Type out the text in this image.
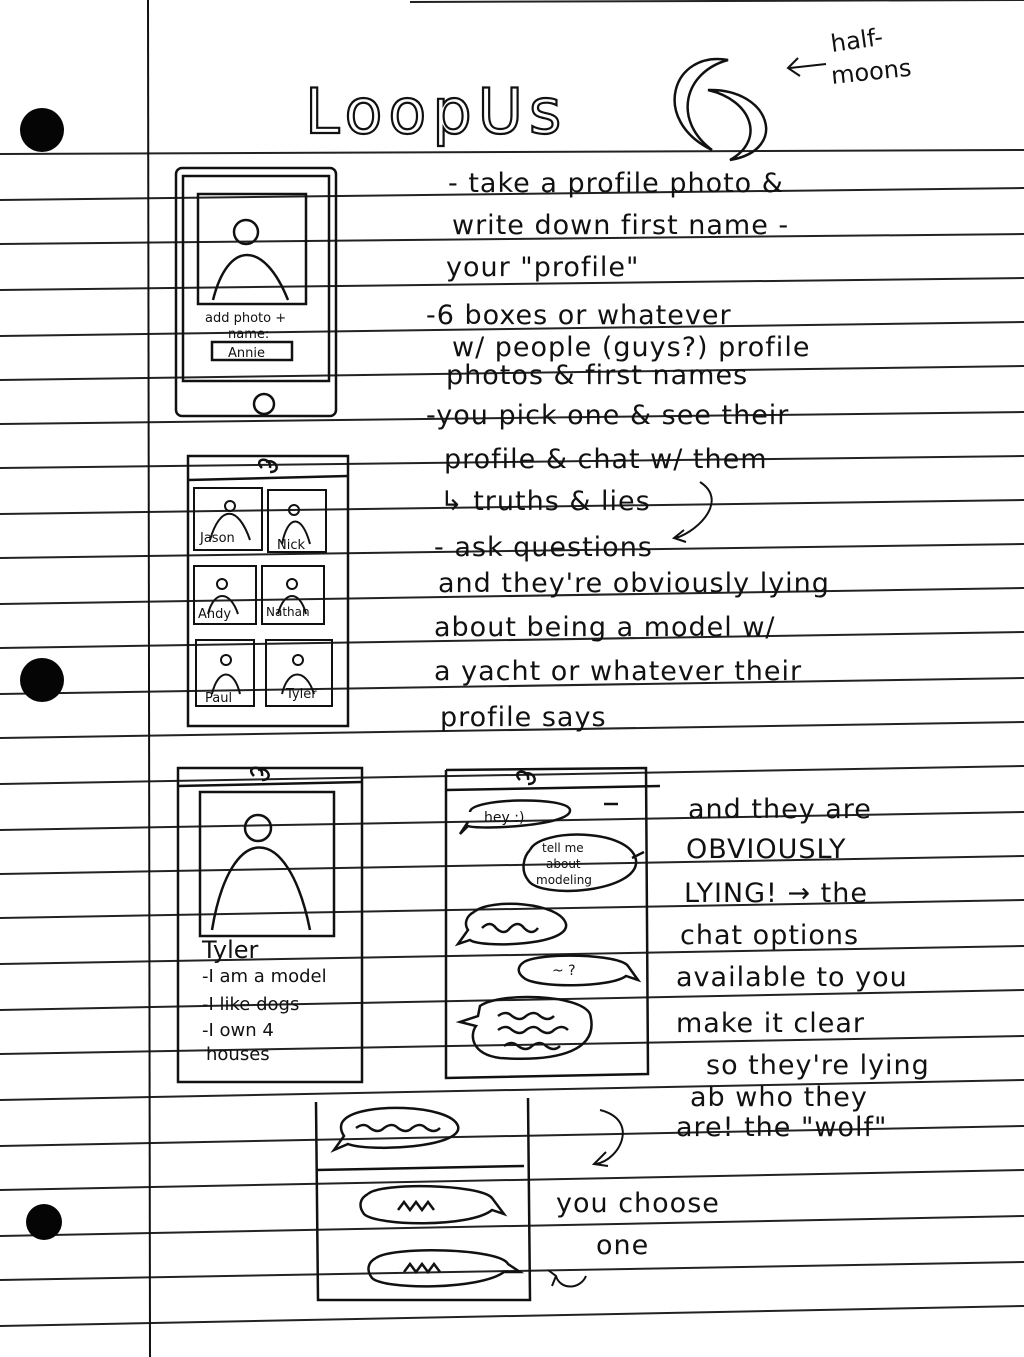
LoopUs
half-
moons
add photo +
name:
Annie
Jason	Nick
Andy	Nathan
Paul	Tyler
Tyler
-I am a model
-I like dogs
-I own 4
houses
hey :)
tell me
about
modeling
~ ?
- take a profile photo &
write down first name -
your "profile"
-6 boxes or whatever
w/ people (guys?) profile
photos & first names
-you pick one & see their
profile & chat w/ them
↳ truths & lies
- ask questions
and they're obviously lying
about being a model w/
a yacht or whatever their
profile says
and they are
OBVIOUSLY
LYING! → the
chat options
available to you
make it clear
so they're lying
ab who they
are! the "wolf"
you choose
one
